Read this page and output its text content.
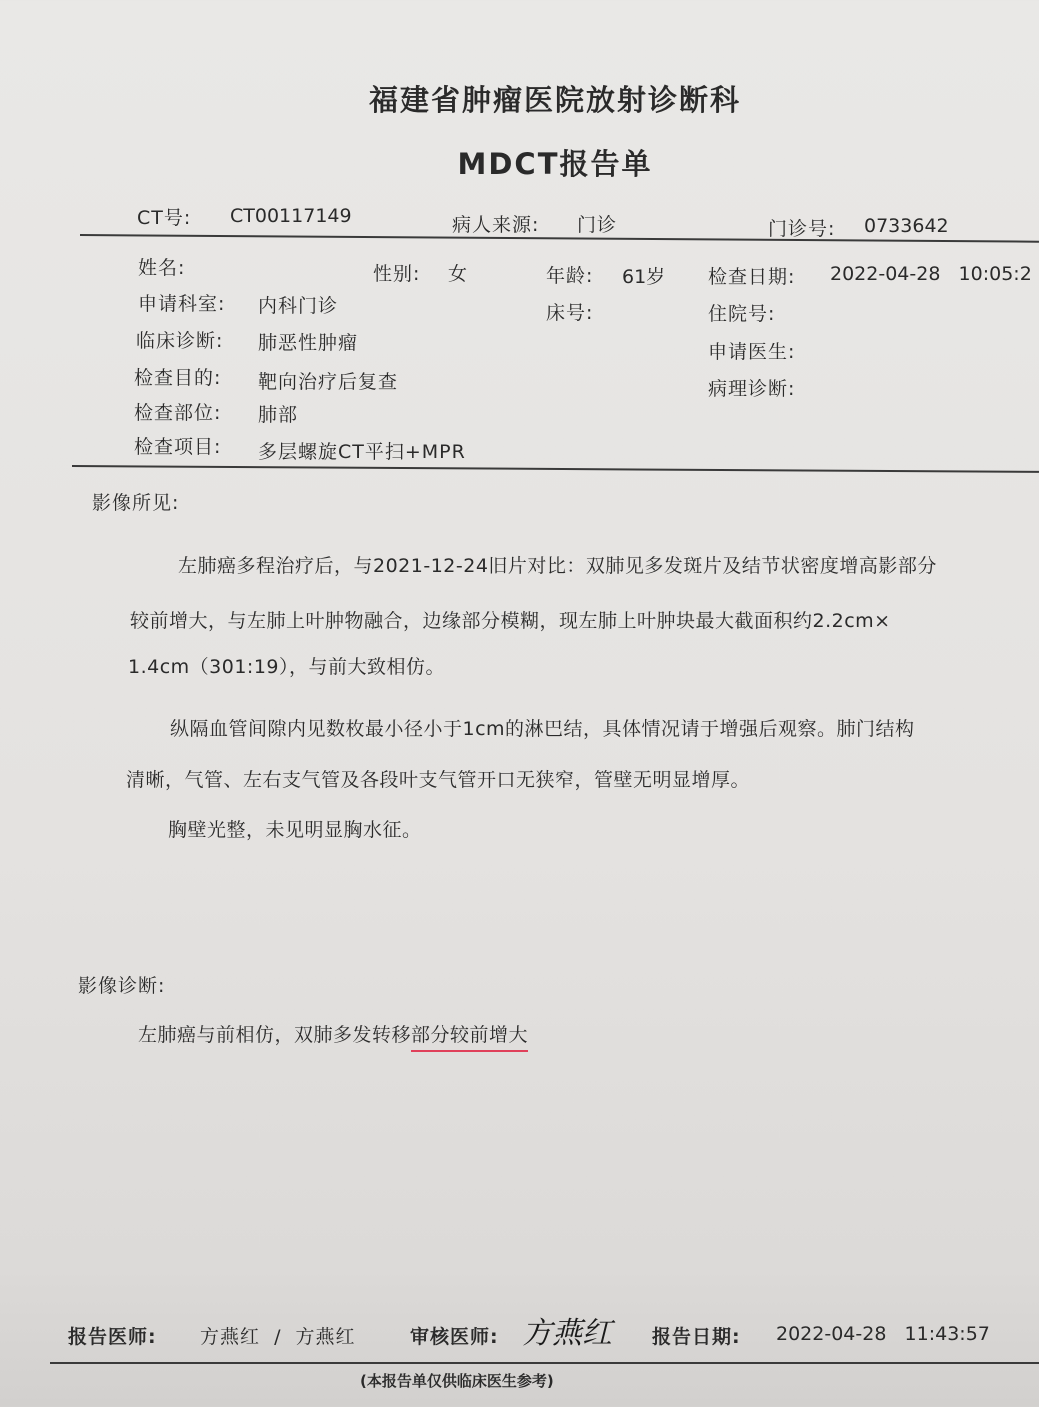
福建省肿瘤医院放射诊断科
MDCT报告单
CT号: CT00117149	病人来源: 门诊	门诊号: 0733642
姓名:	性别: 女	年龄: 61岁 检查日期: 2022-04-28   10:05:2
申请科室: 内科门诊	床号:	住院号:
临床诊断: 肺恶性肿瘤	申请医生:
检查目的: 靶向治疗后复查	病理诊断:
检查部位: 肺部
检查项目: 多层螺旋CT平扫+MPR
影像所见:
左肺癌多程治疗后，与2021-12-24旧片对比：双肺见多发斑片及结节状密度增高影部分
较前增大，与左肺上叶肿物融合，边缘部分模糊，现左肺上叶肿块最大截面积约2.2cm×
1.4cm（301:19），与前大致相仿。
纵隔血管间隙内见数枚最小径小于1cm的淋巴结，具体情况请于增强后观察。肺门结构
清晰，气管、左右支气管及各段叶支气管开口无狭窄，管壁无明显增厚。
胸壁光整，未见明显胸水征。
影像诊断:
左肺癌与前相仿，双肺多发转移部分较前增大
报告医师: 方燕红  /  方燕红	审核医师: 方燕红 报告日期: 2022-04-28   11:43:57
(本报告单仅供临床医生参考)
